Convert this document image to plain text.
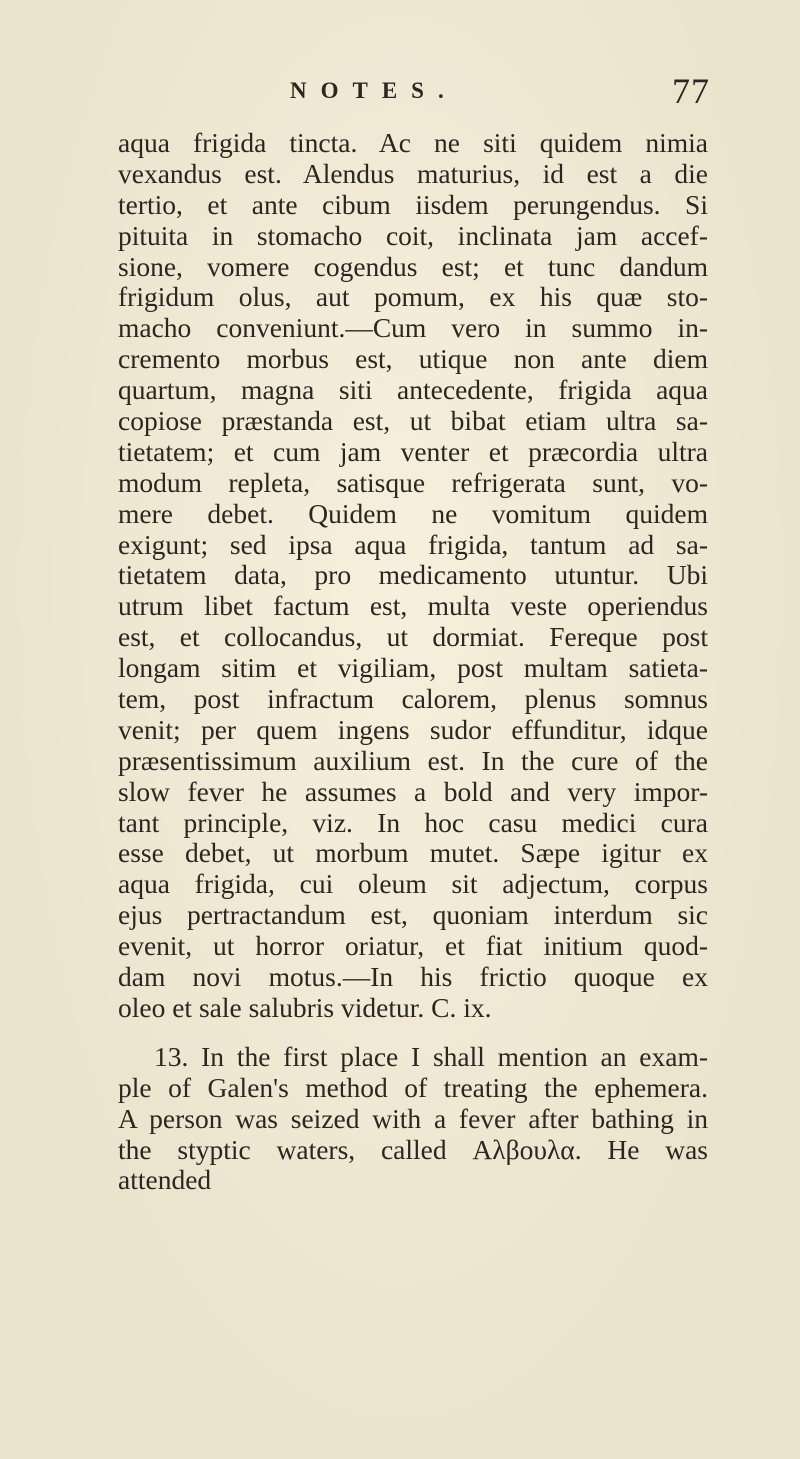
NOTES.	77
aqua frigida tincta. Ac ne siti quidem nimia
vexandus est. Alendus maturius, id est a die
tertio, et ante cibum iisdem perungendus. Si
pituita in stomacho coit, inclinata jam accef-
sione, vomere cogendus est; et tunc dandum
frigidum olus, aut pomum, ex his quæ sto-
macho conveniunt.—Cum vero in summo in-
cremento morbus est, utique non ante diem
quartum, magna siti antecedente, frigida aqua
copiose præstanda est, ut bibat etiam ultra sa-
tietatem; et cum jam venter et præcordia ultra
modum repleta, satisque refrigerata sunt, vo-
mere debet. Quidem ne vomitum quidem
exigunt; sed ipsa aqua frigida, tantum ad sa-
tietatem data, pro medicamento utuntur. Ubi
utrum libet factum est, multa veste operiendus
est, et collocandus, ut dormiat. Fereque post
longam sitim et vigiliam, post multam satieta-
tem, post infractum calorem, plenus somnus
venit; per quem ingens sudor effunditur, idque
præsentissimum auxilium est. In the cure of the
slow fever he assumes a bold and very impor-
tant principle, viz. In hoc casu medici cura
esse debet, ut morbum mutet. Sæpe igitur ex
aqua frigida, cui oleum sit adjectum, corpus
ejus pertractandum est, quoniam interdum sic
evenit, ut horror oriatur, et fiat initium quod-
dam novi motus.—In his frictio quoque ex
oleo et sale salubris videtur. C. ix.
13. In the first place I shall mention an exam-
ple of Galen's method of treating the ephemera.
A person was seized with a fever after bathing in
the styptic waters, called Αλβουλα. He was
attended
